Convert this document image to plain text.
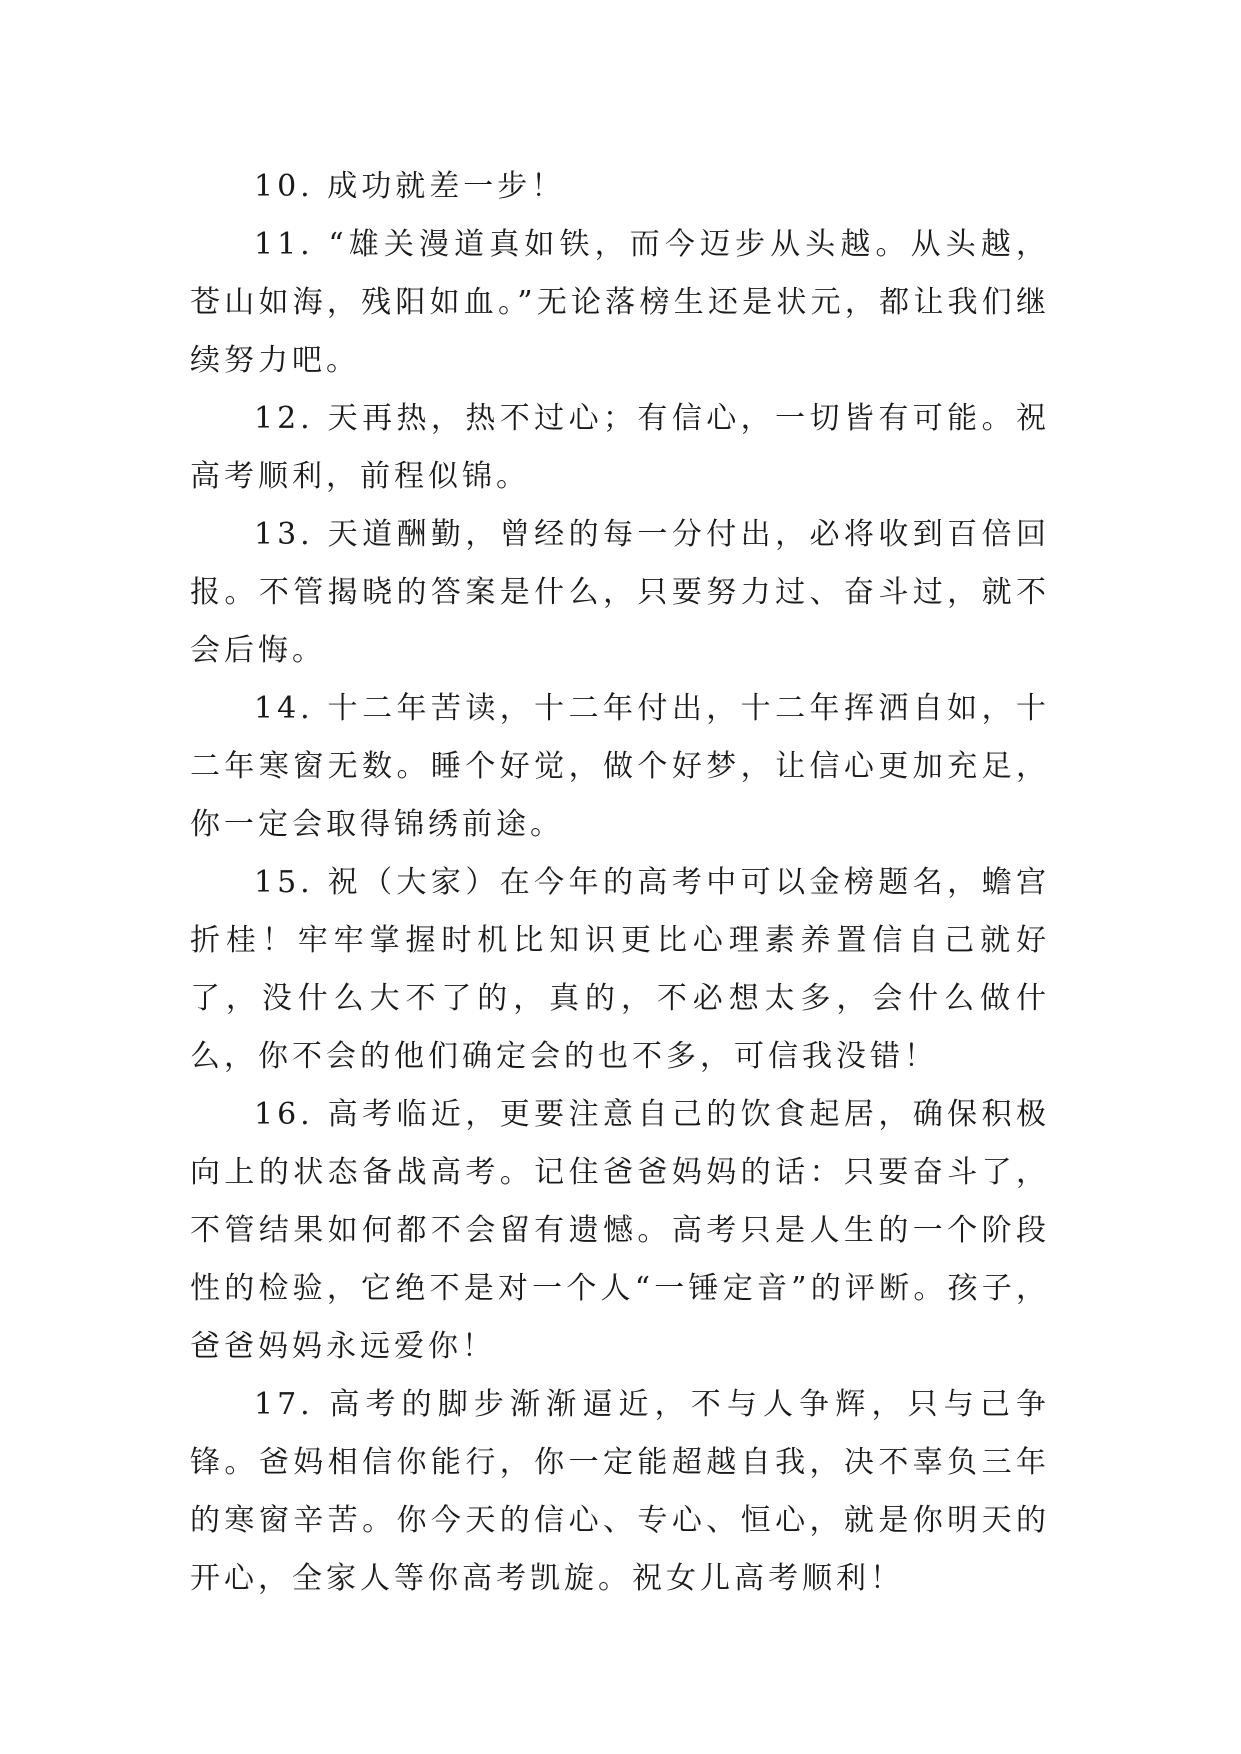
10. 成功就差一步！

11. “雄关漫道真如铁，而今迈步从头越。从头越，苍山如海，残阳如血。”无论落榜生还是状元，都让我们继续努力吧。

12. 天再热，热不过心；有信心，一切皆有可能。祝高考顺利，前程似锦。

13. 天道酬勤，曾经的每一分付出，必将收到百倍回报。不管揭晓的答案是什么，只要努力过、奋斗过，就不会后悔。

14. 十二年苦读，十二年付出，十二年挥洒自如，十二年寒窗无数。睡个好觉，做个好梦，让信心更加充足，你一定会取得锦绣前途。

15. 祝（大家）在今年的高考中可以金榜题名，蟾宫折桂！牢牢掌握时机比知识更比心理素养置信自己就好了，没什么大不了的，真的，不必想太多，会什么做什么，你不会的他们确定会的也不多，可信我没错！

16. 高考临近，更要注意自己的饮食起居，确保积极向上的状态备战高考。记住爸爸妈妈的话：只要奋斗了，不管结果如何都不会留有遗憾。高考只是人生的一个阶段性的检验，它绝不是对一个人“一锤定音”的评断。孩子，爸爸妈妈永远爱你！

17. 高考的脚步渐渐逼近，不与人争辉，只与己争锋。爸妈相信你能行，你一定能超越自我，决不辜负三年的寒窗辛苦。你今天的信心、专心、恒心，就是你明天的开心，全家人等你高考凯旋。祝女儿高考顺利！
